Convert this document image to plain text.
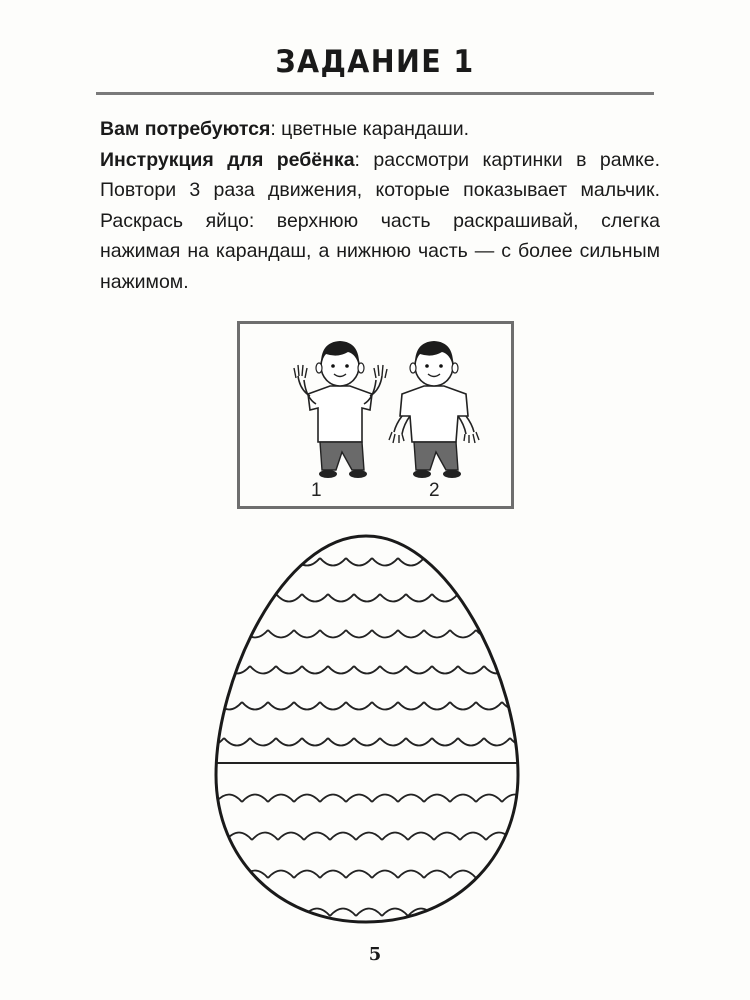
ЗАДАНИЕ 1

Вам потребуются: цветные карандаши.

Инструкция для ребёнка: рассмотри картинки в рамке. Повтори 3 раза движения, которые показывает мальчик. Раскрась яйцо: верхнюю часть раскрашивай, слегка нажимая на карандаш, а нижнюю часть — с более сильным нажимом.

1	2
5
